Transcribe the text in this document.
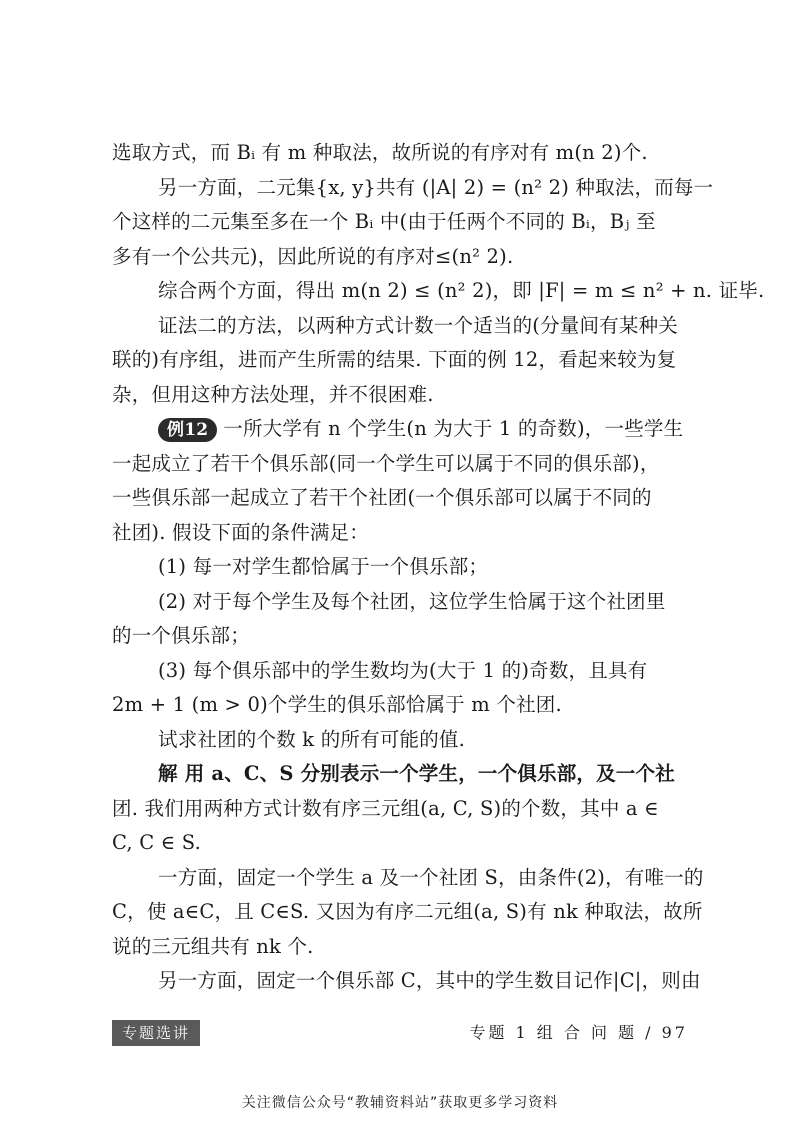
选取方式，而 Bᵢ 有 m 种取法，故所说的有序对有 m(n 2)个.
另一方面，二元集{x, y}共有 (|A| 2) = (n² 2) 种取法，而每一
个这样的二元集至多在一个 Bᵢ 中(由于任两个不同的 Bᵢ，Bⱼ 至
多有一个公共元)，因此所说的有序对≤(n² 2).
综合两个方面，得出 m(n 2) ≤ (n² 2)，即 |F| = m ≤ n² + n. 证毕.
证法二的方法，以两种方式计数一个适当的(分量间有某种关
联的)有序组，进而产生所需的结果. 下面的例 12，看起来较为复
杂，但用这种方法处理，并不很困难.
例12 一所大学有 n 个学生(n 为大于 1 的奇数)，一些学生
一起成立了若干个俱乐部(同一个学生可以属于不同的俱乐部)，
一些俱乐部一起成立了若干个社团(一个俱乐部可以属于不同的
社团). 假设下面的条件满足：
(1) 每一对学生都恰属于一个俱乐部；
(2) 对于每个学生及每个社团，这位学生恰属于这个社团里
的一个俱乐部；
(3) 每个俱乐部中的学生数均为(大于 1 的)奇数，且具有
2m + 1 (m > 0)个学生的俱乐部恰属于 m 个社团.
试求社团的个数 k 的所有可能的值.
解 用 a、C、S 分别表示一个学生，一个俱乐部，及一个社
团. 我们用两种方式计数有序三元组(a, C, S)的个数，其中 a ∈
C, C ∈ S.
一方面，固定一个学生 a 及一个社团 S，由条件(2)，有唯一的
C，使 a∈C，且 C∈S. 又因为有序二元组(a, S)有 nk 种取法，故所
说的三元组共有 nk 个.
另一方面，固定一个俱乐部 C，其中的学生数目记作|C|，则由
专题选讲	专题 1 组 合 问 题 / 97
关注微信公众号“教辅资料站”获取更多学习资料
